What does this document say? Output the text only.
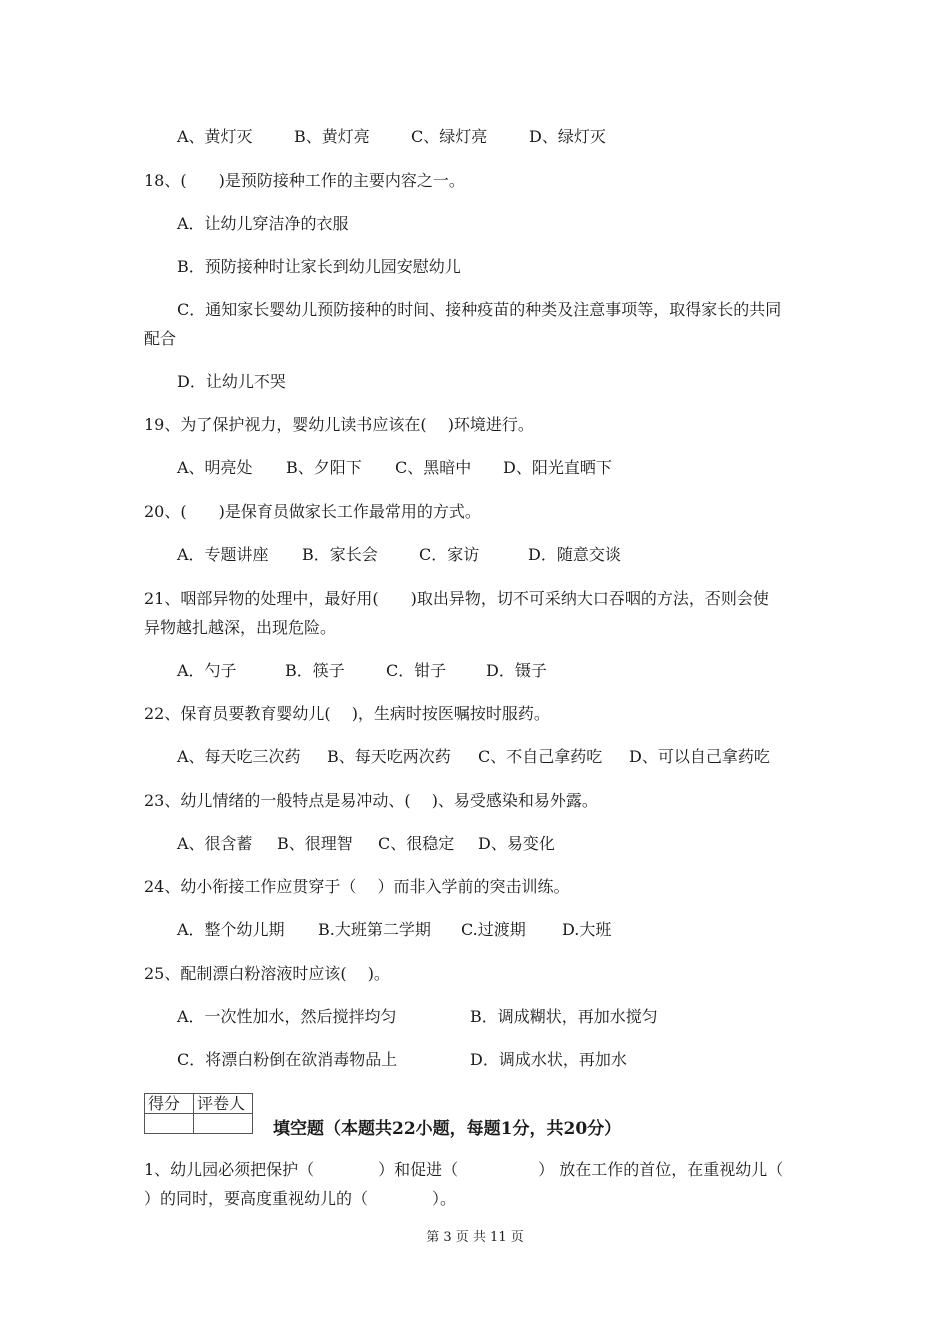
A、黄灯灭	B、黄灯亮	C、绿灯亮	D、绿灯灭
18、(　　)是预防接种工作的主要内容之一。
A．让幼儿穿洁净的衣服
B．预防接种时让家长到幼儿园安慰幼儿
C．通知家长婴幼儿预防接种的时间、接种疫苗的种类及注意事项等，取得家长的共同
配合
D．让幼儿不哭
19、为了保护视力，婴幼儿读书应该在(　 )环境进行。
A、明亮处 B、夕阳下 C、黑暗中 D、阳光直晒下
20、(　　)是保育员做家长工作最常用的方式。
A．专题讲座 B．家长会	C．家访	D．随意交谈
21、咽部异物的处理中，最好用(　　)取出异物，切不可采纳大口吞咽的方法，否则会使
异物越扎越深，出现危险。
A．勺子	B．筷子	C．钳子 D．镊子
22、保育员要教育婴幼儿(　 )，生病时按医嘱按时服药。
A、每天吃三次药 B、每天吃两次药 C、不自己拿药吃 D、可以自己拿药吃
23、幼儿情绪的一般特点是易冲动、(　 )、易受感染和易外露。
A、很含蓄 B、很理智 C、很稳定 D、易变化
24、幼小衔接工作应贯穿于（　 ）而非入学前的突击训练。
A．整个幼儿期 B.大班第二学期 C.过渡期 D.大班
25、配制漂白粉溶液时应该(　 )。
A．一次性加水，然后搅拌均匀	B．调成糊状，再加水搅匀
C．将漂白粉倒在欲消毒物品上	D．调成水状，再加水
得分	评卷人

填空题（本题共22小题，每题1分，共20分）
1、幼儿园必须把保护（　　　　）和促进（　　　　　） 放在工作的首位，在重视幼儿（
）的同时，要高度重视幼儿的（　　　　）。
第 3 页 共 11 页
